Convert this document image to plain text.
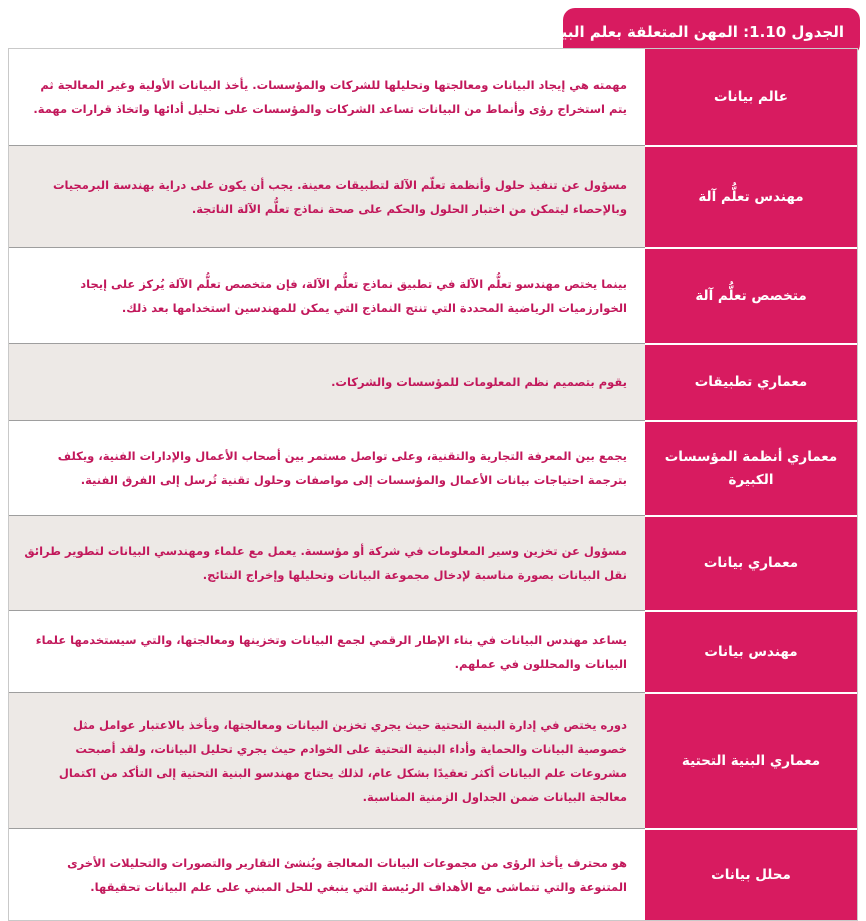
الجدول 1.10: المهن المتعلقة بعلم البيانات
عالم بيانات
مهمته هي إيجاد البيانات ومعالجتها وتحليلها للشركات والمؤسسات. يأخذ البيانات الأولية وغير المعالجة ثم يتم استخراج رؤى وأنماط من البيانات تساعد الشركات والمؤسسات على تحليل أدائها واتخاذ قرارات مهمة.
مهندس تعلُّم آلة
مسؤول عن تنفيذ حلول وأنظمة تعلّم الآلة لتطبيقات معينة. يجب أن يكون على دراية بهندسة البرمجيات وبالإحصاء ليتمكن من اختبار الحلول والحكم على صحة نماذج تعلُّم الآلة الناتجة.
متخصص تعلُّم آلة
بينما يختص مهندسو تعلُّم الآلة في تطبيق نماذج تعلُّم الآلة، فإن متخصص تعلُّم الآلة يُركز على إيجاد الخوارزميات الرياضية المحددة التي تنتج النماذج التي يمكن للمهندسين استخدامها بعد ذلك.
معماري تطبيقات
يقوم بتصميم نظم المعلومات للمؤسسات والشركات.
معماري أنظمة المؤسسات الكبيرة
يجمع بين المعرفة التجارية والتقنية، وعلى تواصل مستمر بين أصحاب الأعمال والإدارات الفنية، ويكلف بترجمة احتياجات بيانات الأعمال والمؤسسات إلى مواصفات وحلول تقنية تُرسل إلى الفرق الفنية.
معماري بيانات
مسؤول عن تخزين وسير المعلومات في شركة أو مؤسسة. يعمل مع علماء ومهندسي البيانات لتطوير طرائق نقل البيانات بصورة مناسبة لإدخال مجموعة البيانات وتحليلها وإخراج النتائج.
مهندس بيانات
يساعد مهندس البيانات في بناء الإطار الرقمي لجمع البيانات وتخزينها ومعالجتها، والتي سيستخدمها علماء البيانات والمحللون في عملهم.
معماري البنية التحتية
دوره يختص في إدارة البنية التحتية حيث يجري تخزين البيانات ومعالجتها، ويأخذ بالاعتبار عوامل مثل خصوصية البيانات والحماية وأداء البنية التحتية على الخوادم حيث يجري تحليل البيانات، ولقد أصبحت مشروعات علم البيانات أكثر تعقيدًا بشكل عام، لذلك يحتاج مهندسو البنية التحتية إلى التأكد من اكتمال معالجة البيانات ضمن الجداول الزمنية المناسبة.
محلل بيانات
هو محترف يأخذ الرؤى من مجموعات البيانات المعالجة ويُنشئ التقارير والتصورات والتحليلات الأخرى المتنوعة والتي تتماشى مع الأهداف الرئيسة التي ينبغي للحل المبني على علم البيانات تحقيقها.
